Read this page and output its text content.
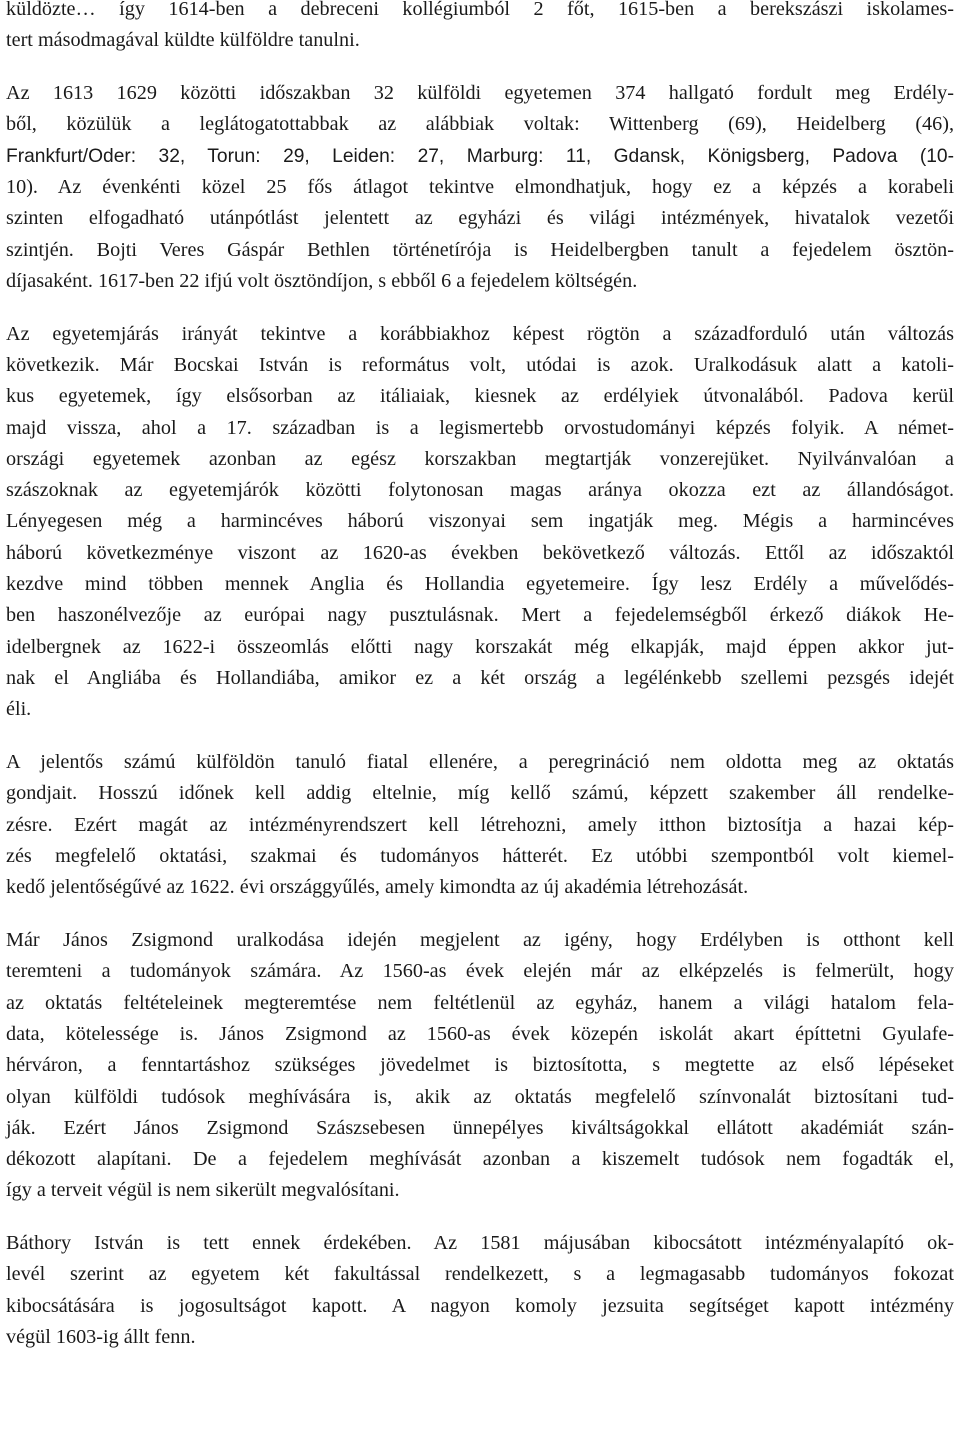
küldözte… így 1614-ben a debreceni kollégiumból 2 főt, 1615-ben a berekszászi iskolames-
tert másodmagával küldte külföldre tanulni.
Az 1613 1629 közötti időszakban 32 külföldi egyetemen 374 hallgató fordult meg Erdély-
ből, közülük a leglátogatottabbak az alábbiak voltak: Wittenberg (69), Heidelberg (46),
Frankfurt/Oder: 32, Torun: 29, Leiden: 27, Marburg: 11, Gdansk, Königsberg, Padova (10-
10). Az évenkénti közel 25 fős átlagot tekintve elmondhatjuk, hogy ez a képzés a korabeli
szinten elfogadható utánpótlást jelentett az egyházi és világi intézmények, hivatalok vezetői
szintjén. Bojti Veres Gáspár Bethlen történetírója is Heidelbergben tanult a fejedelem ösztön-
díjasaként. 1617-ben 22 ifjú volt ösztöndíjon, s ebből 6 a fejedelem költségén.
Az egyetemjárás irányát tekintve a korábbiakhoz képest rögtön a századforduló után változás
következik. Már Bocskai István is református volt, utódai is azok. Uralkodásuk alatt a katoli-
kus egyetemek, így elsősorban az itáliaiak, kiesnek az erdélyiek útvonalából. Padova kerül
majd vissza, ahol a 17. században is a legismertebb orvostudományi képzés folyik. A német-
országi egyetemek azonban az egész korszakban megtartják vonzerejüket. Nyilvánvalóan a
szászoknak az egyetemjárók közötti folytonosan magas aránya okozza ezt az állandóságot.
Lényegesen még a harmincéves háború viszonyai sem ingatják meg. Mégis a harmincéves
háború következménye viszont az 1620-as években bekövetkező változás. Ettől az időszaktól
kezdve mind többen mennek Anglia és Hollandia egyetemeire. Így lesz Erdély a művelődés-
ben haszonélvezője az európai nagy pusztulásnak. Mert a fejedelemségből érkező diákok He-
idelbergnek az 1622-i összeomlás előtti nagy korszakát még elkapják, majd éppen akkor jut-
nak el Angliába és Hollandiába, amikor ez a két ország a legélénkebb szellemi pezsgés idejét
éli.
A jelentős számú külföldön tanuló fiatal ellenére, a peregrináció nem oldotta meg az oktatás
gondjait. Hosszú időnek kell addig eltelnie, míg kellő számú, képzett szakember áll rendelke-
zésre. Ezért magát az intézményrendszert kell létrehozni, amely itthon biztosítja a hazai kép-
zés megfelelő oktatási, szakmai és tudományos hátterét. Ez utóbbi szempontból volt kiemel-
kedő jelentőségűvé az 1622. évi országgyűlés, amely kimondta az új akadémia létrehozását.
Már János Zsigmond uralkodása idején megjelent az igény, hogy Erdélyben is otthont kell
teremteni a tudományok számára. Az 1560-as évek elején már az elképzelés is felmerült, hogy
az oktatás feltételeinek megteremtése nem feltétlenül az egyház, hanem a világi hatalom fela-
data, kötelessége is. János Zsigmond az 1560-as évek közepén iskolát akart építtetni Gyulafe-
hérváron, a fenntartáshoz szükséges jövedelmet is biztosította, s megtette az első lépéseket
olyan külföldi tudósok meghívására is, akik az oktatás megfelelő színvonalát biztosítani tud-
ják. Ezért János Zsigmond Szászsebesen ünnepélyes kiváltságokkal ellátott akadémiát szán-
dékozott alapítani. De a fejedelem meghívását azonban a kiszemelt tudósok nem fogadták el,
így a terveit végül is nem sikerült megvalósítani.
Báthory István is tett ennek érdekében. Az 1581 májusában kibocsátott intézményalapító ok-
levél szerint az egyetem két fakultással rendelkezett, s a legmagasabb tudományos fokozat
kibocsátására is jogosultságot kapott. A nagyon komoly jezsuita segítséget kapott intézmény
végül 1603-ig állt fenn.
